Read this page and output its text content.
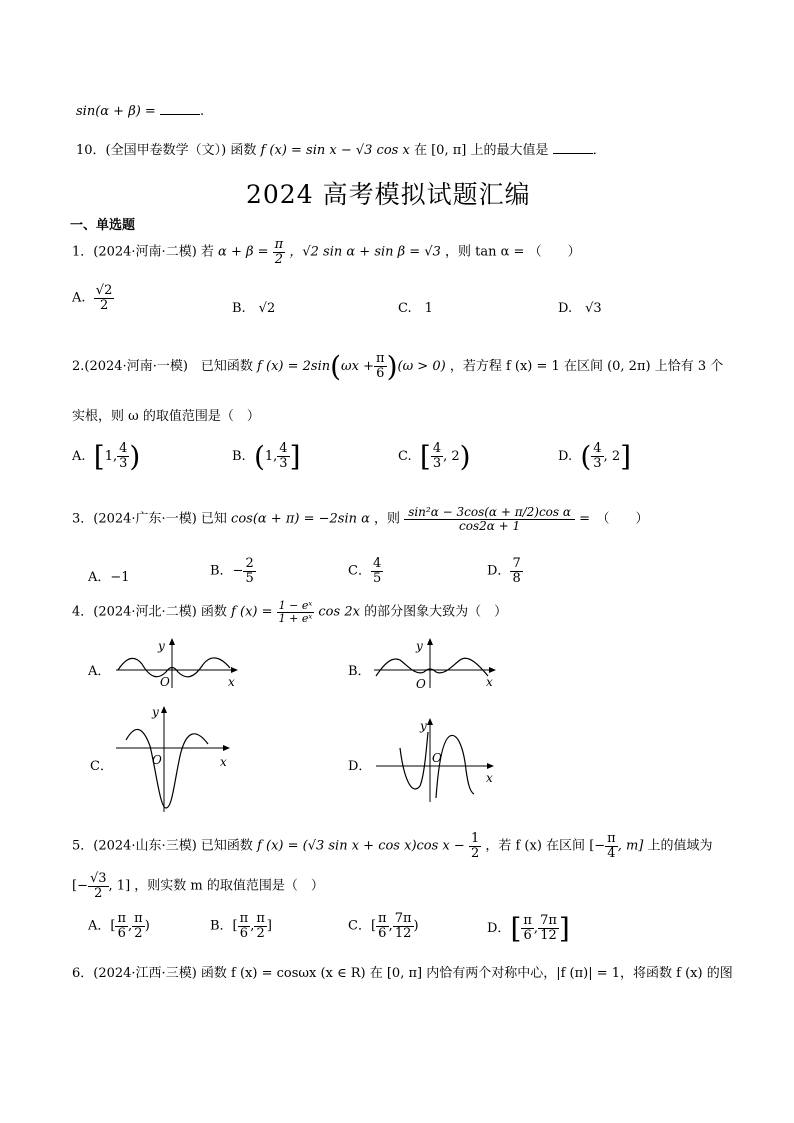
sin(α + β) =	.
10．(全国甲卷数学（文）) 函数 f (x) = sin x − √3 cos x 在 [0, π] 上的最大值是	．
2024 高考模拟试题汇编
一、单选题
1．(2024·河南·二模) 若 $\alpha + \beta = \frac{\pi}{2}$ ，√2 sin α + sin β = √3 ，则 tan α = （　　）
A. $\frac{√2}{2}$	B.　√2	C.　1	D.　√3
2.(2024·河南·一模)　已知函数 f $(x) = 2\sin(\omega x + \frac{\pi}{6} )(\omega > 0)$ ，若方程 f (x) = 1 在区间 (0, 2π) 上恰有 3 个
实根，则 ω 的取值范围是（　）
A. [1, $\frac{4}{3}$ )	B. (1, $\frac{4}{3}$ ]	C. [ $\frac{4}{3}$ , 2)	D. ( $\frac{4}{3}$ , 2]
3．(2024·广东·一模) 已知 cos(α + π) = −2sin α ，则 $\frac{\text{sin²α − 3cos(α + π/2)cos α}}{\cos 2\alpha + 1}$ =　（　　）
A．−1	B．− $\frac{2}{5}$	C． $\frac{4}{5}$	D． $\frac{7}{8}$
4．(2024·河北·二模) 函数 f $(x) = \frac{\text{1 − eˣ}}{\text{1 + eˣ}}$ cos 2x 的部分图象大致为（　）
A．
y
x
O
B．
y
x
O
C．
y
x
O	D．
y
x
O
5．(2024·山东·三模) 已知函数 f (x) = (√3 sin x + cos x)cos $x - \frac{1}{2}$ ，若 f (x) 在区间 [− $\frac{\pi}{4}$ , m] 上的值域为
[− $\frac{√3}{2}$ , 1] ，则实数 m 的取值范围是（　）
A．[ $\frac{\pi}{6}$ , $\frac{\pi}{2}$ )	B．[ $\frac{\pi}{6}$ , $\frac{\pi}{2}$ ]	C．[ $\frac{\pi}{6}$ , $\frac{7\pi}{12}$ )	D．[ $\frac{\pi}{6}$ , $\frac{7\pi}{12}$ ]
6．(2024·江西·三模) 函数 f (x) = cosωx (x ∈ R) 在 [0, π] 内恰有两个对称中心，|f (π)| = 1，将函数 f (x) 的图
